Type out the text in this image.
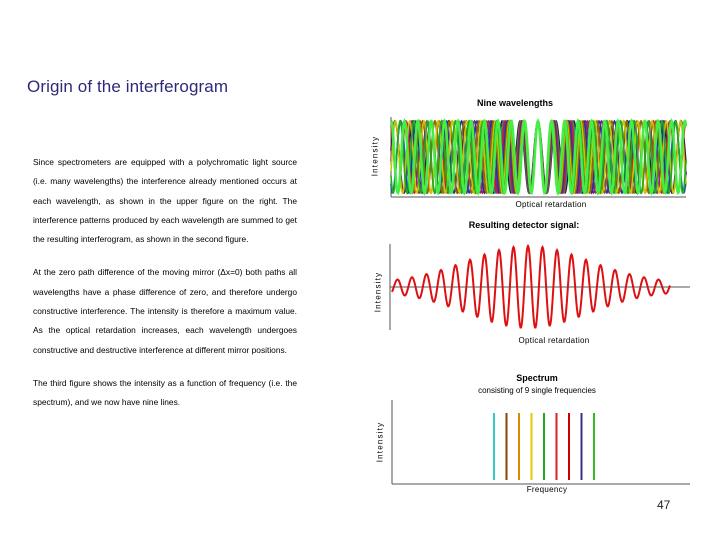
Origin of the interferogram

Since spectrometers are equipped with a polychromatic light source (i.e. many wavelengths) the interference already mentioned occurs at each wavelength, as shown in the upper figure on the right. The interference patterns produced by each wavelength are summed to get the resulting interferogram, as shown in the second figure.

At the zero path difference of the moving mirror (Δx=0) both paths all wavelengths have a phase difference of zero, and therefore undergo constructive interference. The intensity is therefore a maximum value. As the optical retardation increases, each wavelength undergoes constructive and destructive interference at different mirror positions.

The third figure shows the intensity as a function of frequency (i.e. the spectrum), and we now have nine lines.

Nine wavelengths
Intensity
Optical retardation
Resulting detector signal:
Intensity
Optical retardation
Spectrum
consisting of 9 single frequencies
Intensity
Frequency
47
